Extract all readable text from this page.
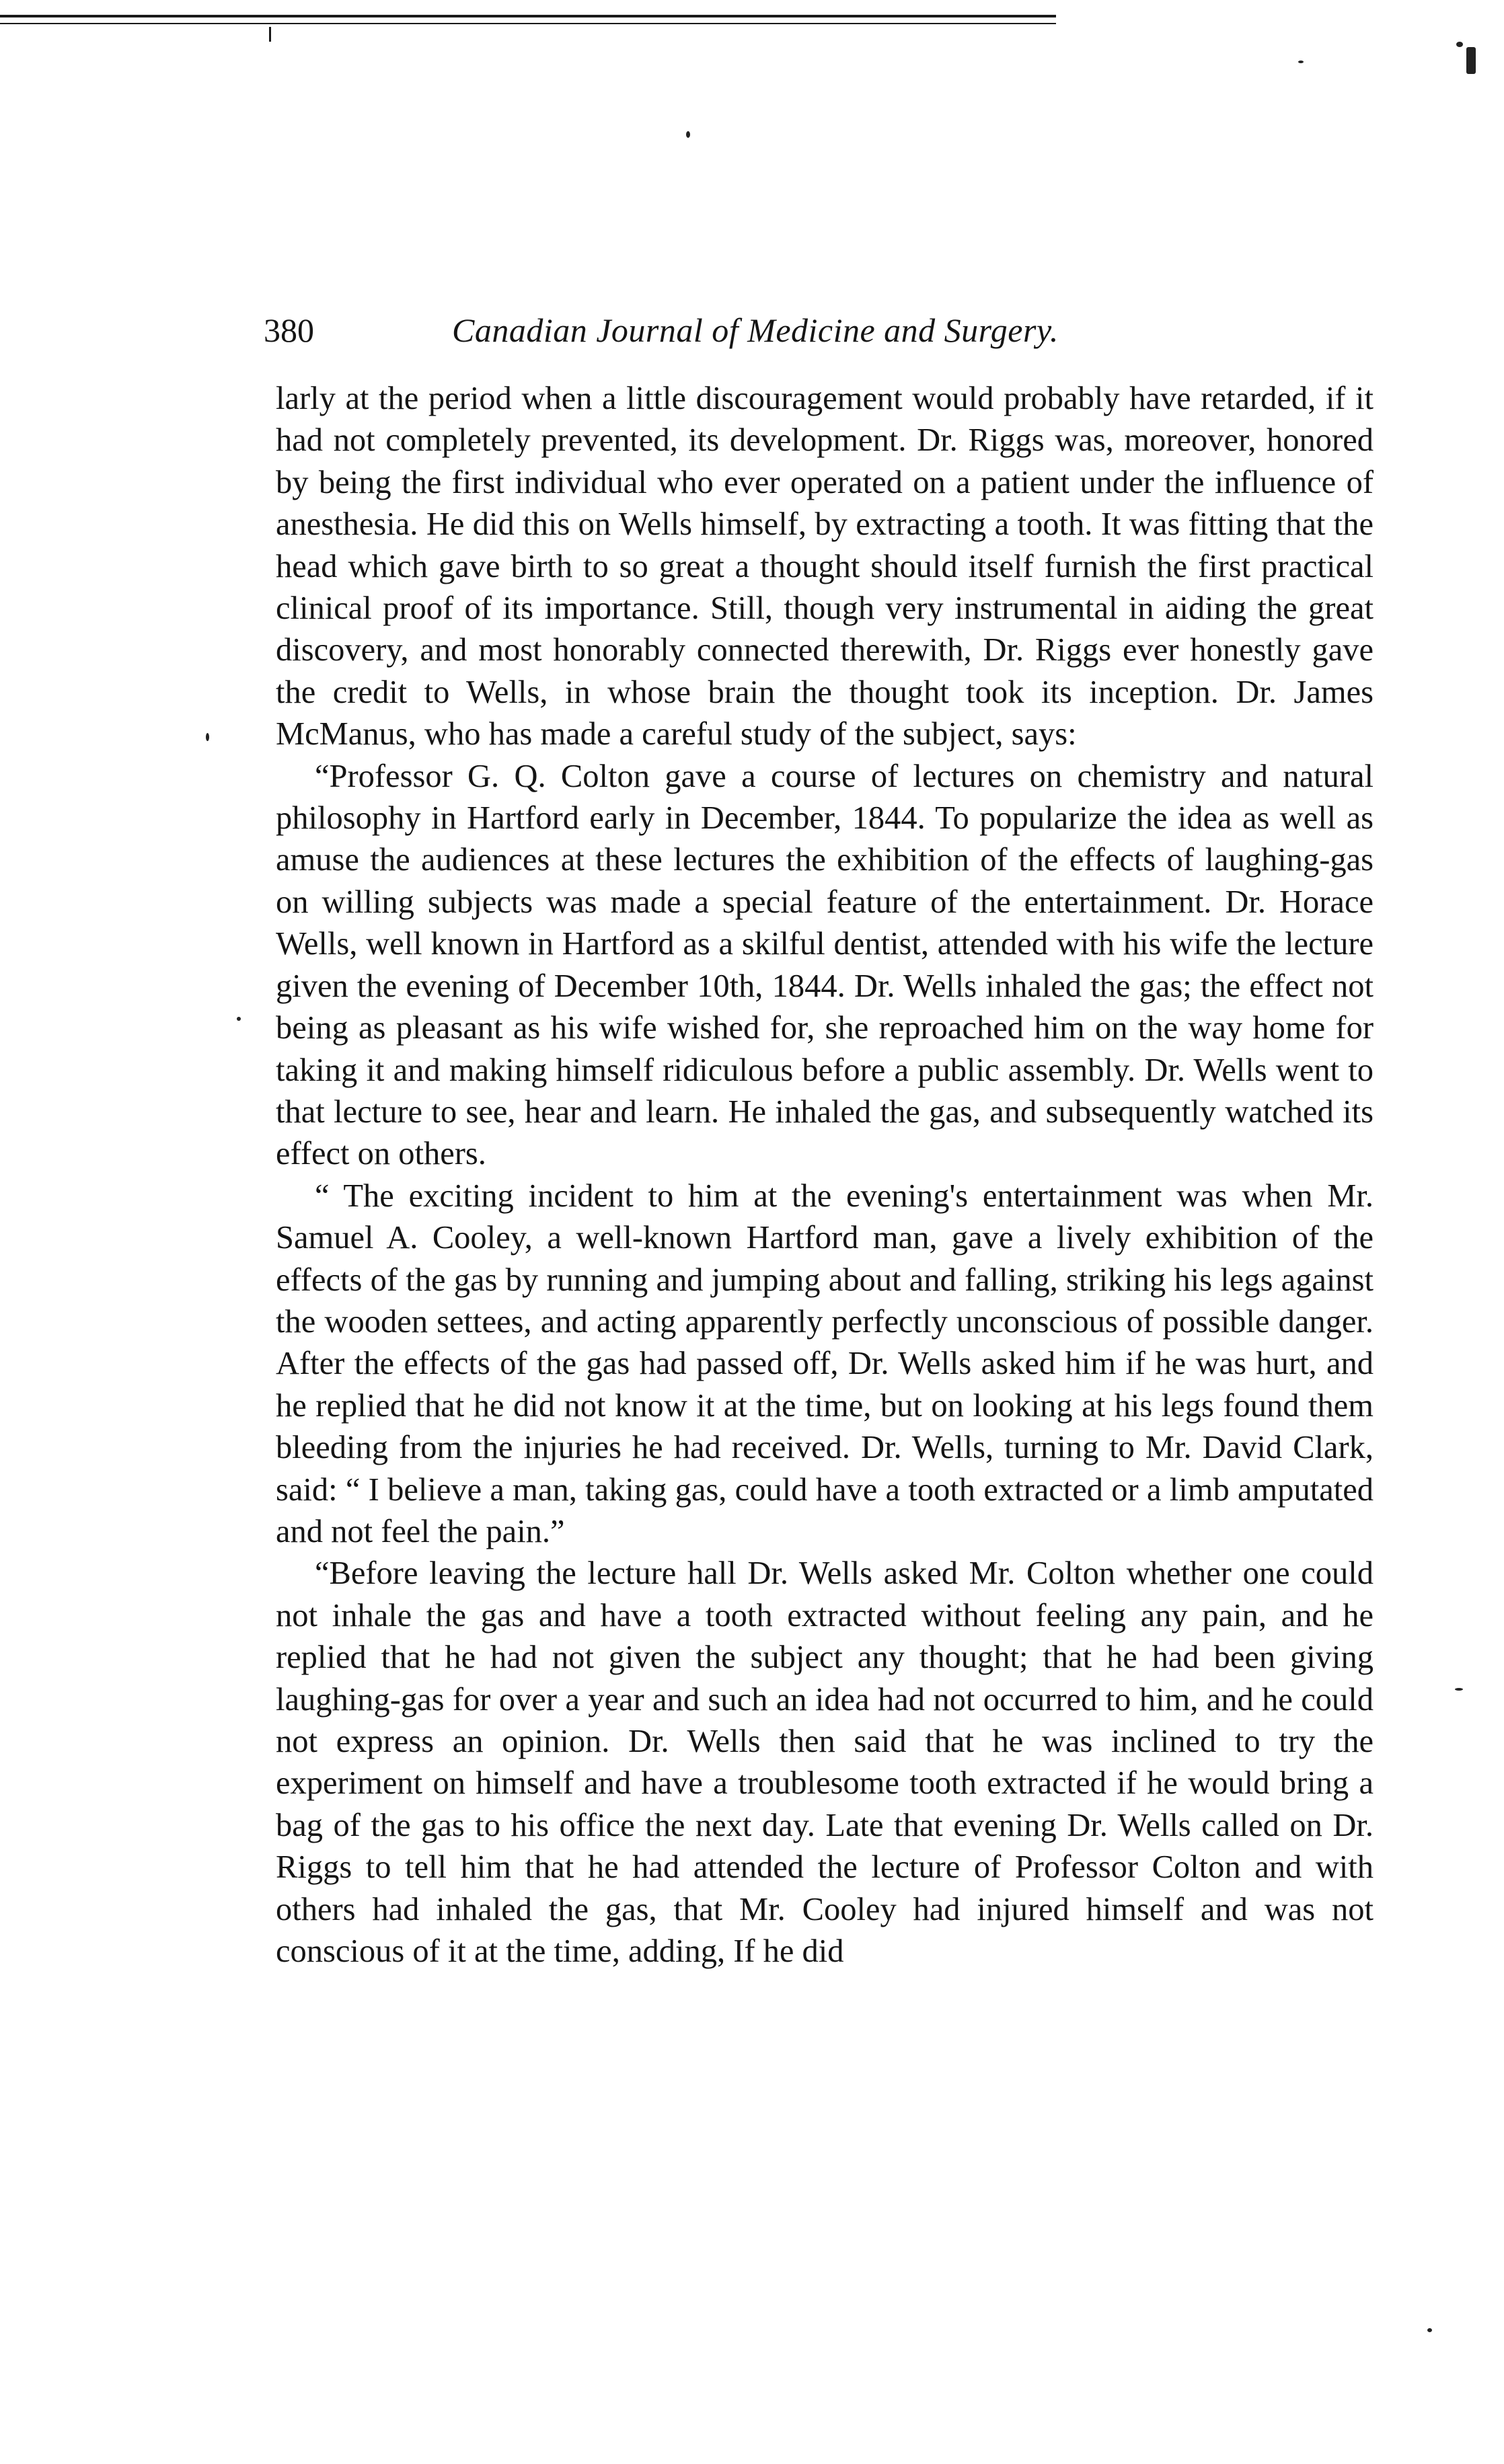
380	Canadian Journal of Medicine and Surgery.

larly at the period when a little discouragement would probably have retarded, if it had not completely prevented, its development. Dr. Riggs was, moreover, honored by being the first individual who ever operated on a patient under the influence of anesthesia. He did this on Wells himself, by extracting a tooth. It was fitting that the head which gave birth to so great a thought should itself furnish the first practical clinical proof of its importance. Still, though very instrumental in aiding the great discovery, and most honorably connected therewith, Dr. Riggs ever honestly gave the credit to Wells, in whose brain the thought took its inception. Dr. James McManus, who has made a careful study of the subject, says:

“Professor G. Q. Colton gave a course of lectures on chemistry and natural philosophy in Hartford early in December, 1844. To popularize the idea as well as amuse the audiences at these lectures the exhibition of the effects of laughing-gas on willing subjects was made a special feature of the entertainment. Dr. Horace Wells, well known in Hartford as a skilful dentist, attended with his wife the lecture given the evening of December 10th, 1844. Dr. Wells inhaled the gas; the effect not being as pleasant as his wife wished for, she reproached him on the way home for taking it and making himself ridiculous before a public assembly. Dr. Wells went to that lecture to see, hear and learn. He inhaled the gas, and subsequently watched its effect on others.

“ The exciting incident to him at the evening's entertainment was when Mr. Samuel A. Cooley, a well-known Hartford man, gave a lively exhibition of the effects of the gas by running and jumping about and falling, striking his legs against the wooden settees, and acting apparently perfectly unconscious of possible danger. After the effects of the gas had passed off, Dr. Wells asked him if he was hurt, and he replied that he did not know it at the time, but on looking at his legs found them bleeding from the injuries he had received. Dr. Wells, turning to Mr. David Clark, said: “ I believe a man, taking gas, could have a tooth extracted or a limb amputated and not feel the pain.”

“Before leaving the lecture hall Dr. Wells asked Mr. Colton whether one could not inhale the gas and have a tooth extracted without feeling any pain, and he replied that he had not given the subject any thought; that he had been giving laughing-gas for over a year and such an idea had not occurred to him, and he could not express an opinion. Dr. Wells then said that he was inclined to try the experiment on himself and have a troublesome tooth extracted if he would bring a bag of the gas to his office the next day. Late that evening Dr. Wells called on Dr. Riggs to tell him that he had attended the lecture of Professor Colton and with others had inhaled the gas, that Mr. Cooley had injured himself and was not conscious of it at the time, adding, If he did
